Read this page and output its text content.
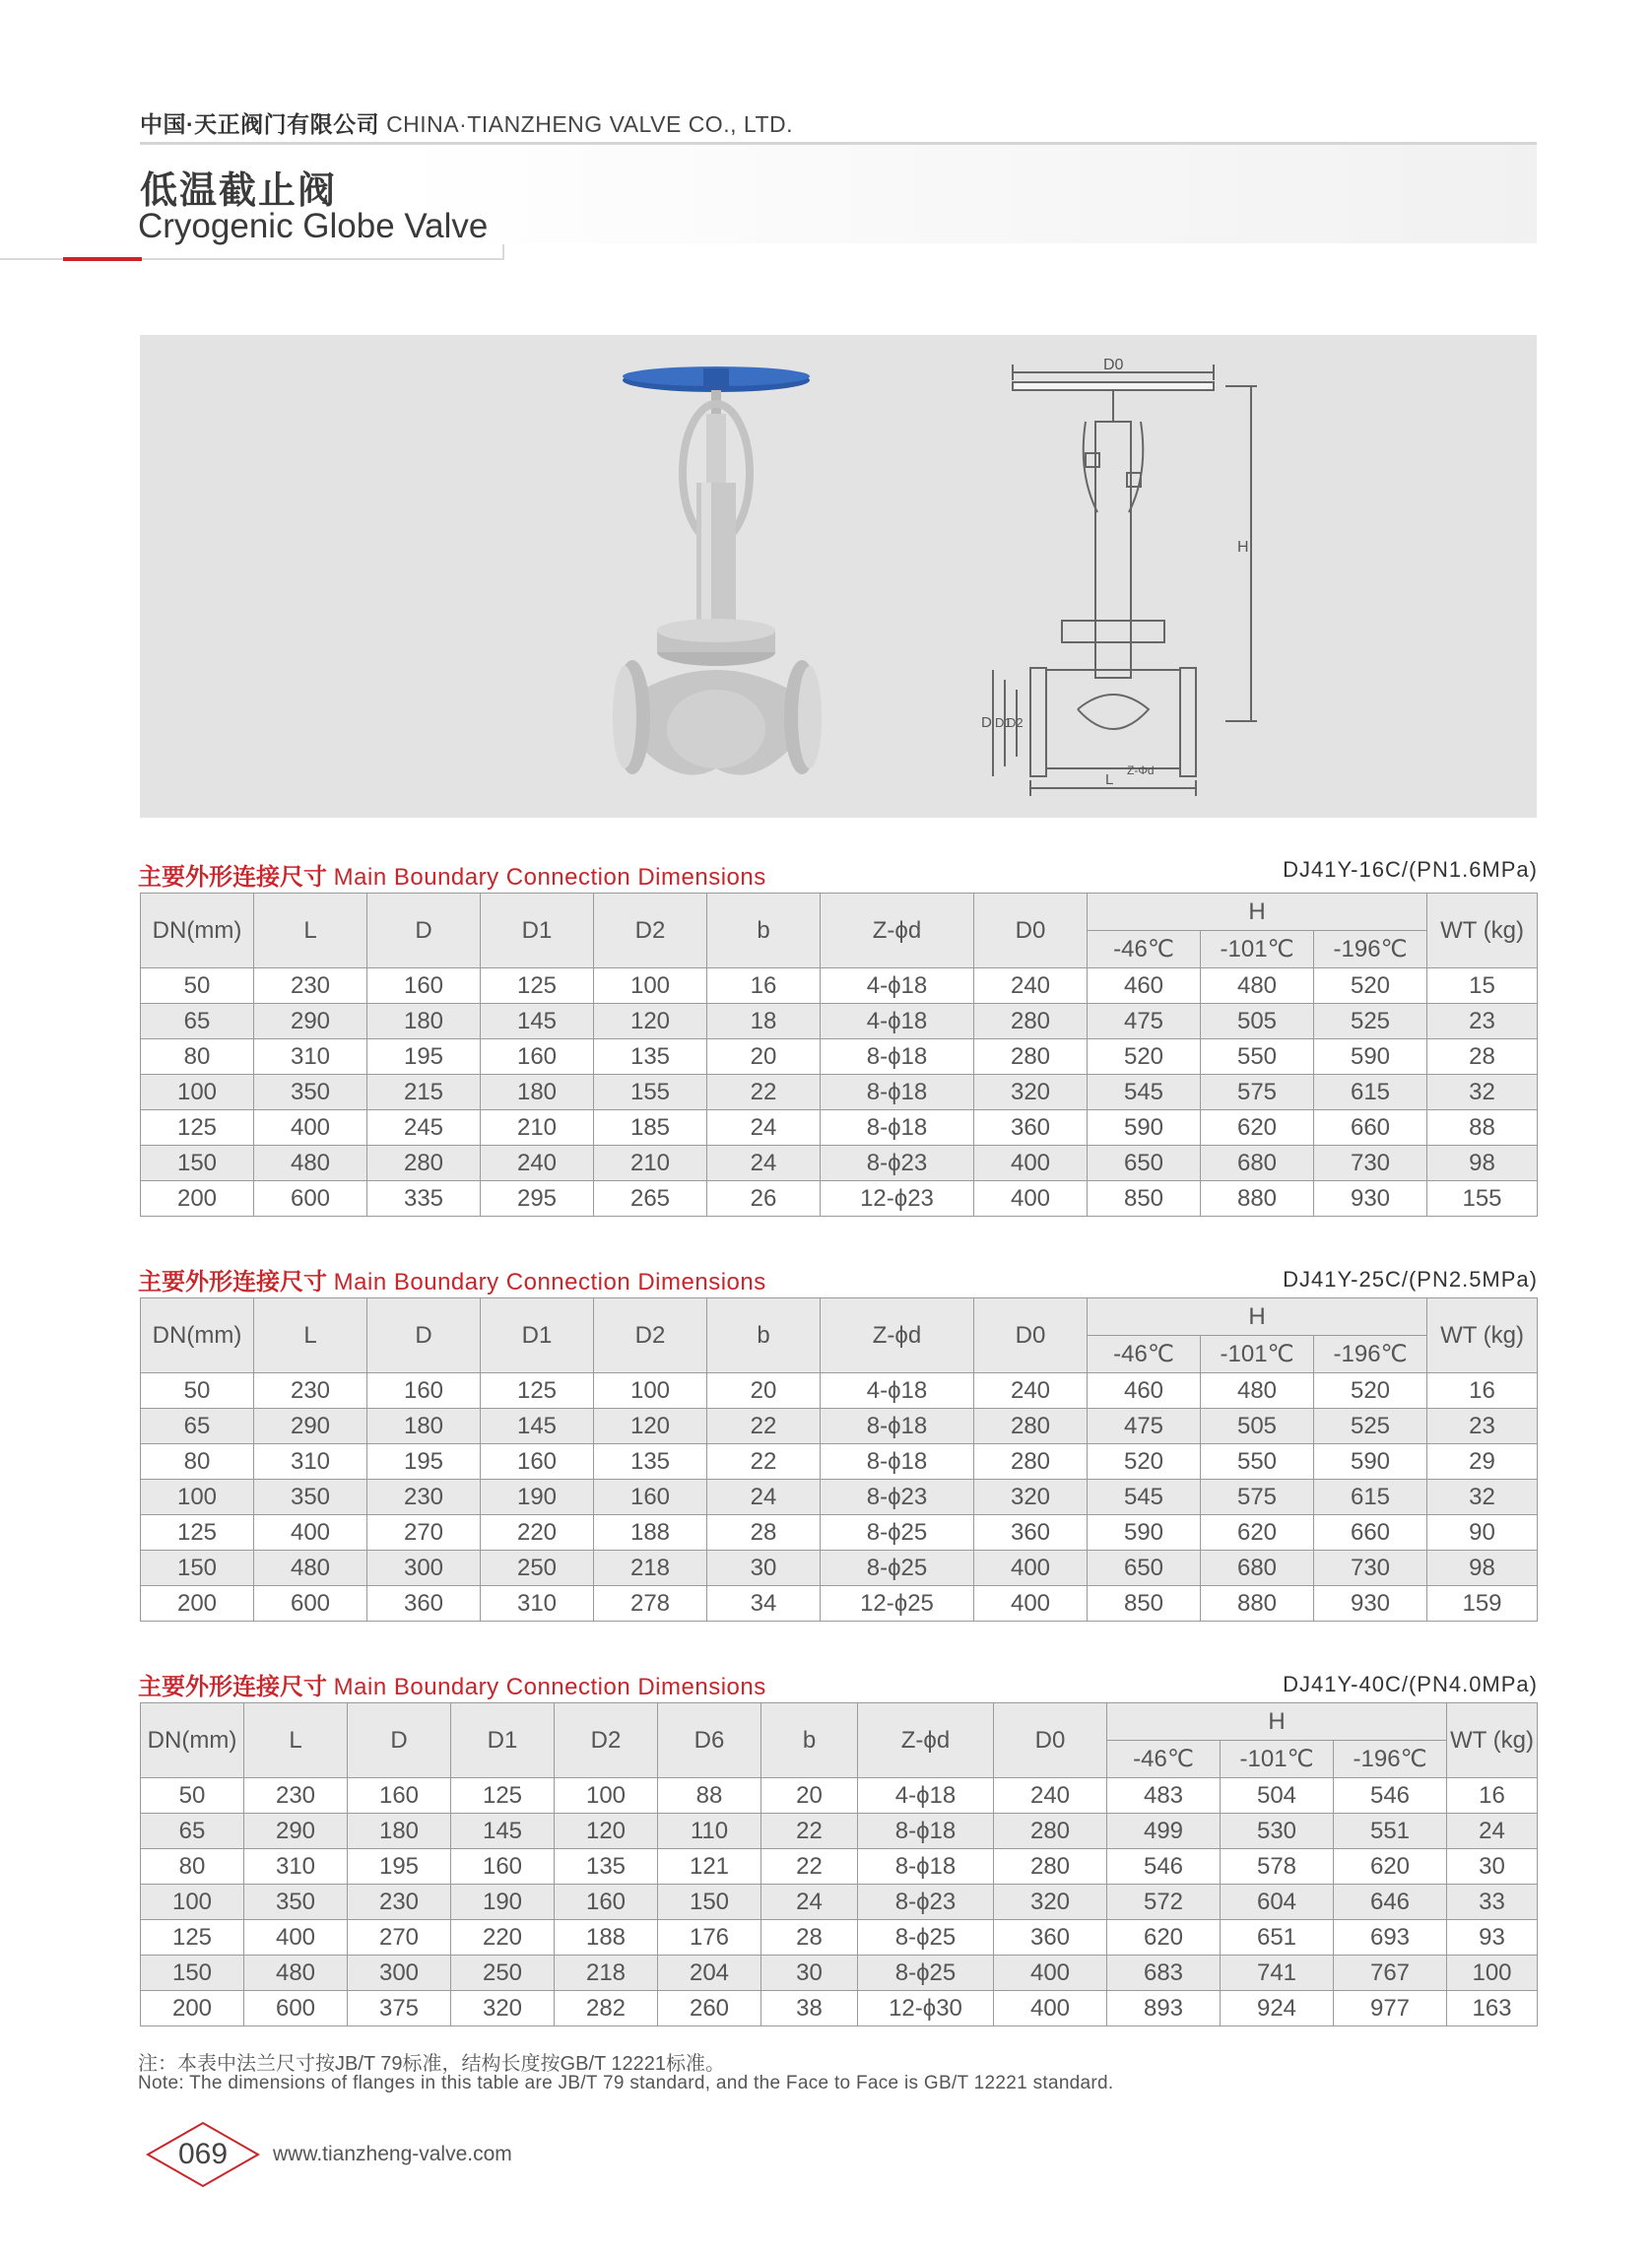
中国·天正阀门有限公司 CHINA·TIANZHENG VALVE CO., LTD.
低温截止阀
Cryogenic Globe Valve
D0
H
D D1
D2
L
Z-Φd
主要外形连接尺寸 Main Boundary Connection Dimensions	DJ41Y-16C/(PN1.6MPa)
DN(mm)	L	D	D1	D2	b	Z-ϕd	D0	H			WT (kg)
								-46℃	-101℃	-196℃	
50	230	160	125	100	16	4-ϕ18	240	460	480	520	15
65	290	180	145	120	18	4-ϕ18	280	475	505	525	23
80	310	195	160	135	20	8-ϕ18	280	520	550	590	28
100	350	215	180	155	22	8-ϕ18	320	545	575	615	32
125	400	245	210	185	24	8-ϕ18	360	590	620	660	88
150	480	280	240	210	24	8-ϕ23	400	650	680	730	98
200	600	335	295	265	26	12-ϕ23	400	850	880	930	155
主要外形连接尺寸 Main Boundary Connection Dimensions	DJ41Y-25C/(PN2.5MPa)
DN(mm)	L	D	D1	D2	b	Z-ϕd	D0	H			WT (kg)
								-46℃	-101℃	-196℃	
50	230	160	125	100	20	4-ϕ18	240	460	480	520	16
65	290	180	145	120	22	8-ϕ18	280	475	505	525	23
80	310	195	160	135	22	8-ϕ18	280	520	550	590	29
100	350	230	190	160	24	8-ϕ23	320	545	575	615	32
125	400	270	220	188	28	8-ϕ25	360	590	620	660	90
150	480	300	250	218	30	8-ϕ25	400	650	680	730	98
200	600	360	310	278	34	12-ϕ25	400	850	880	930	159
主要外形连接尺寸 Main Boundary Connection Dimensions	DJ41Y-40C/(PN4.0MPa)
DN(mm)	L	D	D1	D2	D6	b	Z-ϕd	D0	H			WT (kg)
									-46℃	-101℃	-196℃	
50	230	160	125	100	88	20	4-ϕ18	240	483	504	546	16
65	290	180	145	120	110	22	8-ϕ18	280	499	530	551	24
80	310	195	160	135	121	22	8-ϕ18	280	546	578	620	30
100	350	230	190	160	150	24	8-ϕ23	320	572	604	646	33
125	400	270	220	188	176	28	8-ϕ25	360	620	651	693	93
150	480	300	250	218	204	30	8-ϕ25	400	683	741	767	100
200	600	375	320	282	260	38	12-ϕ30	400	893	924	977	163
注：本表中法兰尺寸按JB/T 79标准，结构长度按GB/T 12221标准。
Note: The dimensions of flanges in this table are JB/T 79 standard, and the Face to Face is GB/T 12221 standard.
069	www.tianzheng-valve.com
